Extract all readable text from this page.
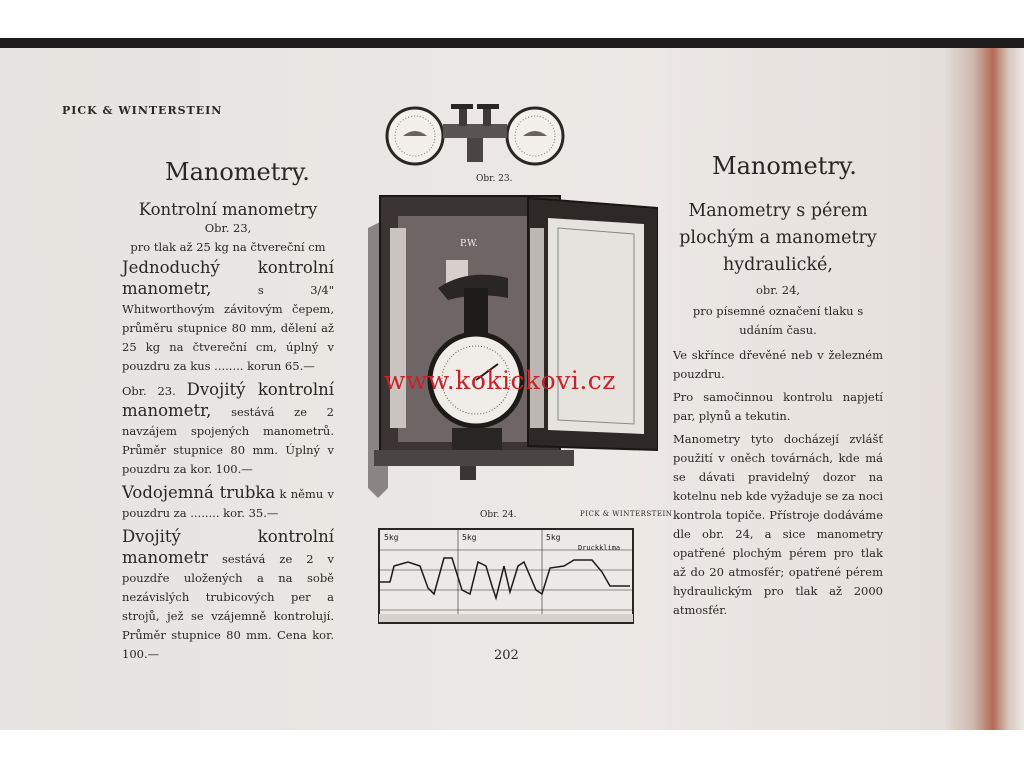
PICK & WINTERSTEIN
Manometry.
Kontrolní manometry
Obr. 23,
pro tlak až 25 kg na čtvereční cm
Jednoduchý kontrolní manometr,	s 3/4" Whitworthovým závitovým čepem, průměru stupnice 80 mm, dělení až 25 kg na čtvereční cm, úplný v pouzdru za kus ........ korun 65.—
Obr. 23. Dvojitý kontrolní manometr, sestává ze 2 navzájem spojených manometrů. Průměr stupnice 80 mm. Úplný v pouzdru za kor. 100.—
Vodojemná trubka k němu v pouzdru za ........ kor. 35.—
Dvojitý kontrolní manometr sestává ze 2 v pouzdře uložených a na sobě nezávislých trubicových per a strojů, jež se vzájemně kontrolují. Průměr stupnice 80 mm. Cena kor. 100.—
Obr. 23.
P.W.
www.kokickovi.cz
Obr. 24.	PICK & WINTERSTEIN
5kg	5kg	5kg
Druckklima
Manometry.
Manometry s pérem
plochým a manometry
hydraulické,
obr. 24,
pro písemné označení tlaku s udáním času.
Ve skřínce dřevěné neb v železném pouzdru.
Pro samočinnou kontrolu napjetí par, plynů a tekutin.
Manometry tyto docházejí zvlášť použití v oněch továrnách, kde má se dávati pravidelný dozor na kotelnu neb kde vyžaduje se za noci kontrola topiče. Přístroje dodáváme dle obr. 24, a sice manometry opatřené plochým pérem pro tlak až do 20 atmosfér; opatřené pérem hydraulickým pro tlak až 2000 atmosfér.
202
